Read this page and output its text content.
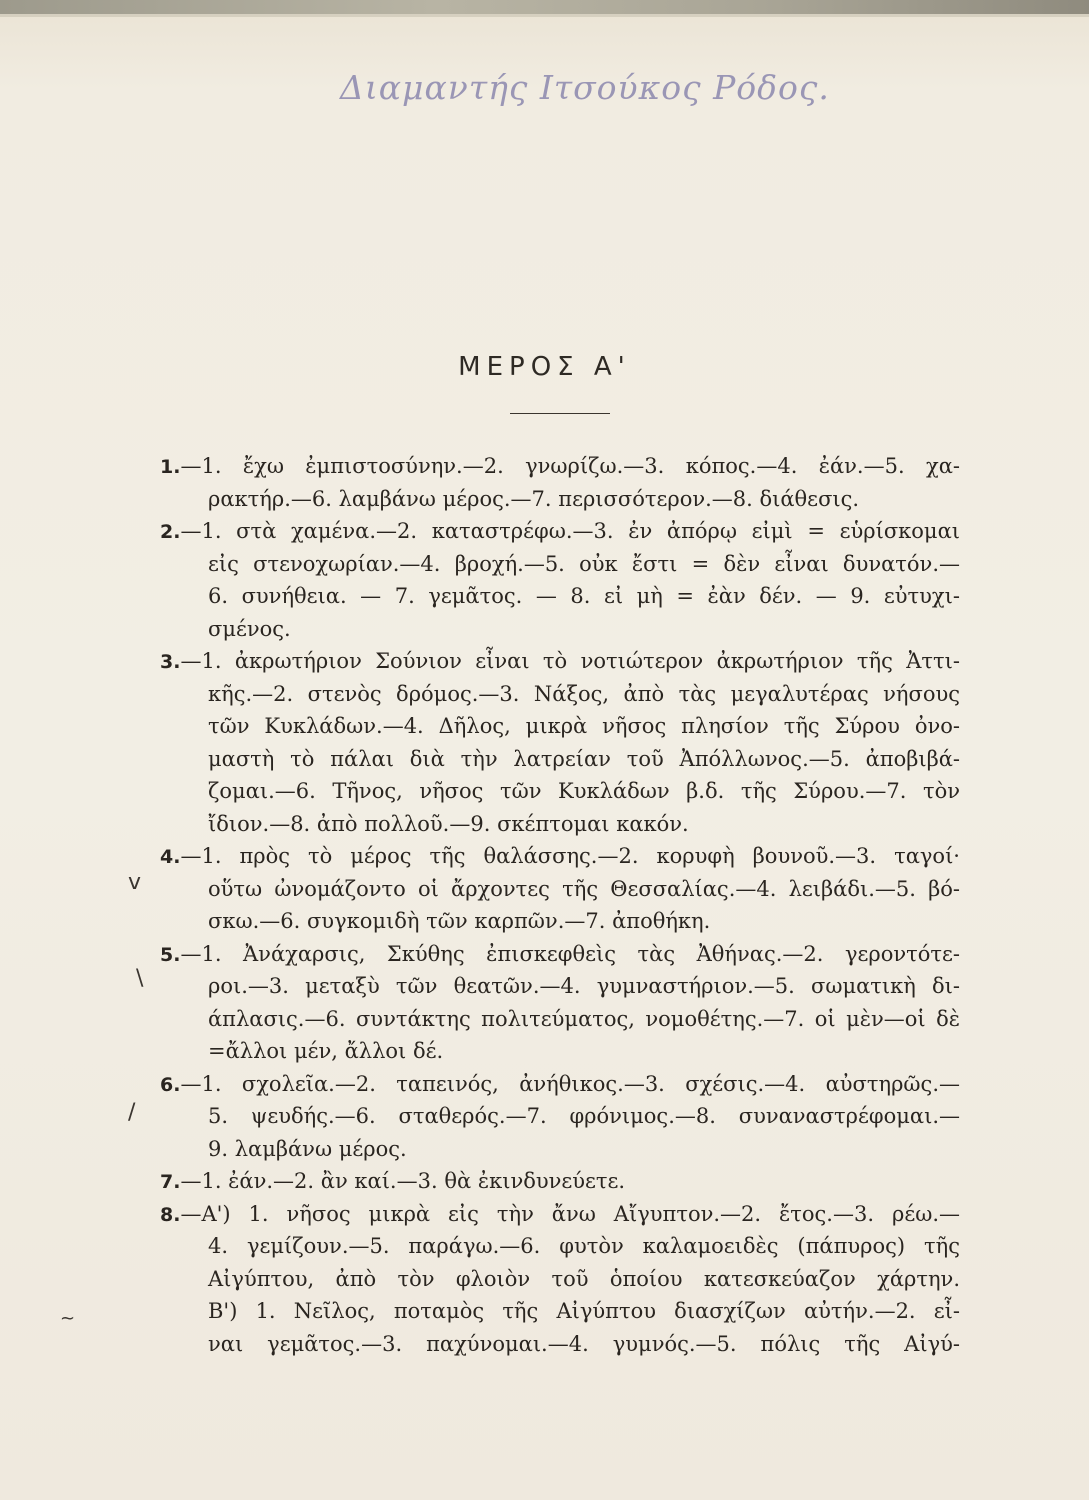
Διαμαντής Ιτσούκος Ρόδος.
ΜΕΡΟΣ Α'
v
\
/
~
1.—1. ἔχω ἐμπιστοσύνην.—2. γνωρίζω.—3. κόπος.—4. ἐάν.—5. χα-
ρακτήρ.—6. λαμβάνω μέρος.—7. περισσότερον.—8. διάθεσις.
2.—1. στὰ χαμένα.—2. καταστρέφω.—3. ἐν ἀπόρῳ εἰμὶ = εὑρίσκομαι
εἰς στενοχωρίαν.—4. βροχή.—5. οὐκ ἔστι = δὲν εἶναι δυνατόν.—
6. συνήθεια. — 7. γεμᾶτος. — 8. εἰ μὴ = ἐὰν δέν. — 9. εὐτυχι-
σμένος.
3.—1. ἀκρωτήριον Σούνιον εἶναι τὸ νοτιώτερον ἀκρωτήριον τῆς Ἀττι-
κῆς.—2. στενὸς δρόμος.—3. Νάξος, ἀπὸ τὰς μεγαλυτέρας νήσους
τῶν Κυκλάδων.—4. Δῆλος, μικρὰ νῆσος πλησίον τῆς Σύρου ὀνο-
μαστὴ τὸ πάλαι διὰ τὴν λατρείαν τοῦ Ἀπόλλωνος.—5. ἀποβιβά-
ζομαι.—6. Τῆνος, νῆσος τῶν Κυκλάδων β.δ. τῆς Σύρου.—7. τὸν
ἴδιον.—8. ἀπὸ πολλοῦ.—9. σκέπτομαι κακόν.
4.—1. πρὸς τὸ μέρος τῆς θαλάσσης.—2. κορυφὴ βουνοῦ.—3. ταγοί·
οὕτω ὠνομάζοντο οἱ ἄρχοντες τῆς Θεσσαλίας.—4. λειβάδι.—5. βό-
σκω.—6. συγκομιδὴ τῶν καρπῶν.—7. ἀποθήκη.
5.—1. Ἀνάχαρσις, Σκύθης ἐπισκεφθεὶς τὰς Ἀθήνας.—2. γεροντότε-
ροι.—3. μεταξὺ τῶν θεατῶν.—4. γυμναστήριον.—5. σωματικὴ δι-
άπλασις.—6. συντάκτης πολιτεύματος, νομοθέτης.—7. οἱ μὲν—οἱ δὲ
=ἄλλοι μέν, ἄλλοι δέ.
6.—1. σχολεῖα.—2. ταπεινός, ἀνήθικος.—3. σχέσις.—4. αὐστηρῶς.—
5. ψευδής.—6. σταθερός.—7. φρόνιμος.—8. συναναστρέφομαι.—
9. λαμβάνω μέρος.
7.—1. ἐάν.—2. ἂν καί.—3. θὰ ἐκινδυνεύετε.
8.—Α') 1. νῆσος μικρὰ εἰς τὴν ἄνω Αἴγυπτον.—2. ἔτος.—3. ρέω.—
4. γεμίζουν.—5. παράγω.—6. φυτὸν καλαμοειδὲς (πάπυρος) τῆς
Αἰγύπτου, ἀπὸ τὸν φλοιὸν τοῦ ὁποίου κατεσκεύαζον χάρτην.
Β') 1. Νεῖλος, ποταμὸς τῆς Αἰγύπτου διασχίζων αὐτήν.—2. εἶ-
ναι γεμᾶτος.—3. παχύνομαι.—4. γυμνός.—5. πόλις τῆς Αἰγύ-
